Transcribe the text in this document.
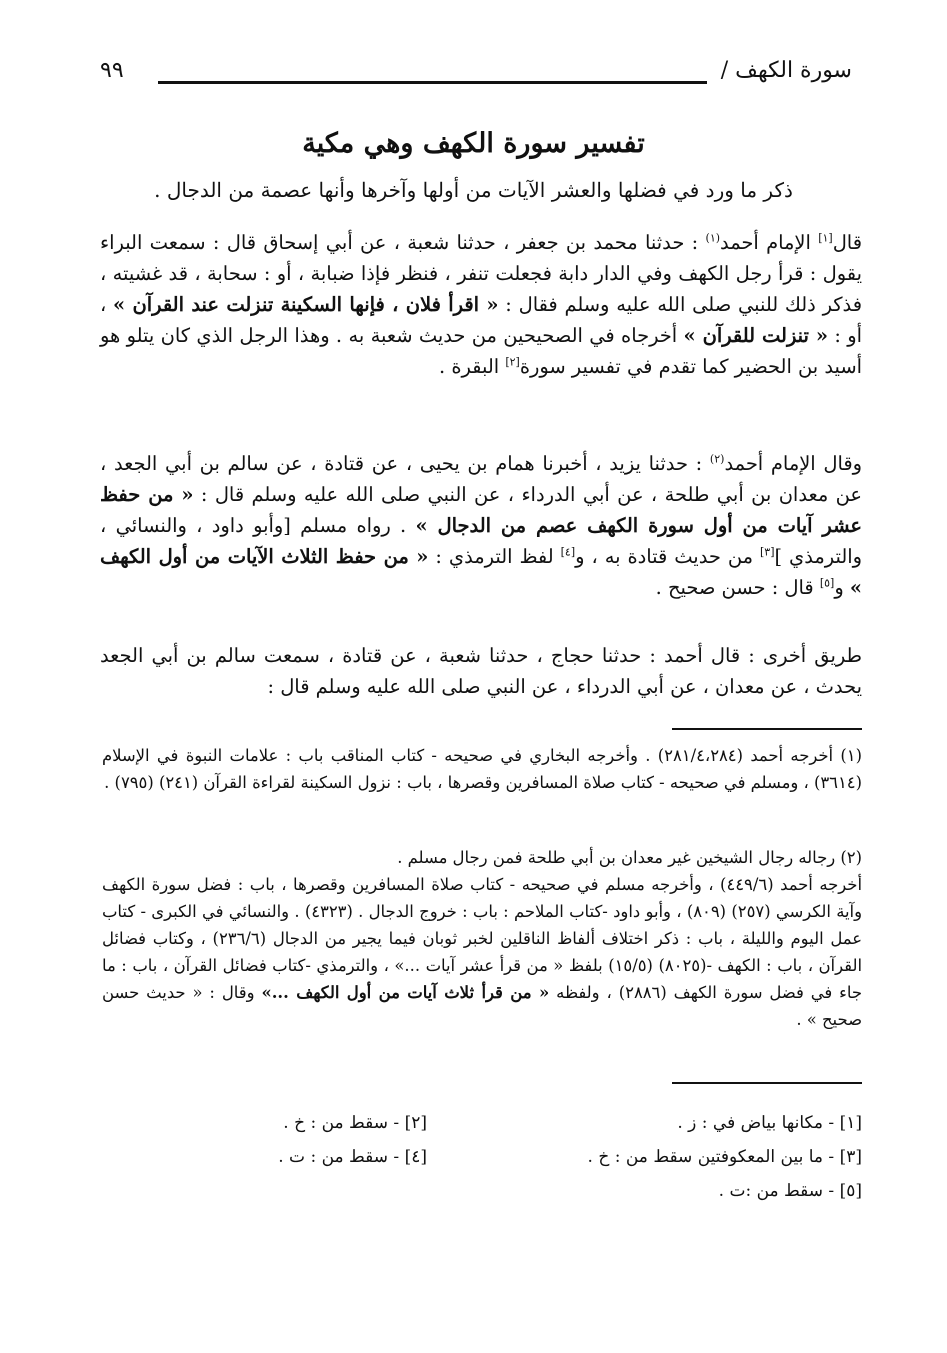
سورة الكهف /
٩٩
تفسير سورة الكهف وهي مكية
ذكر ما ورد في فضلها والعشر الآيات من أولها وآخرها وأنها عصمة من الدجال .

قال[١] الإمام أحمد$^{(١)}$ : حدثنا محمد بن جعفر ، حدثنا شعبة ، عن أبي إسحاق قال : سمعت البراء يقول : قرأ رجل الكهف وفي الدار دابة فجعلت تنفر ، فنظر فإذا ضبابة ، أو : سحابة ، قد غشيته ، فذكر ذلك للنبي صلى الله عليه وسلم فقال : « اقرأ فلان ، فإنها السكينة تنزلت عند القرآن » ، أو : « تنزلت للقرآن » أخرجاه في الصحيحين من حديث شعبة به . وهذا الرجل الذي كان يتلو هو أسيد بن الحضير كما تقدم في تفسير سورة[٢] البقرة .

وقال الإمام أحمد$^{(٢)}$ : حدثنا يزيد ، أخبرنا همام بن يحيى ، عن قتادة ، عن سالم بن أبي الجعد ، عن معدان بن أبي طلحة ، عن أبي الدرداء ، عن النبي صلى الله عليه وسلم قال : « من حفظ عشر آيات من أول سورة الكهف عصم من الدجال » . رواه مسلم [وأبو داود ، والنسائي ، والترمذي ][٣] من حديث قتادة به ، و[٤] لفظ الترمذي : « من حفظ الثلاث الآيات من أول الكهف » و[٥] قال : حسن صحيح .

طريق أخرى : قال أحمد : حدثنا حجاج ، حدثنا شعبة ، عن قتادة ، سمعت سالم بن أبي الجعد يحدث ، عن معدان ، عن أبي الدرداء ، عن النبي صلى الله عليه وسلم قال :

(١) أخرجه أحمد (٢٨١/٤،٢٨٤) . وأخرجه البخاري في صحيحه - كتاب المناقب باب : علامات النبوة في الإسلام (٣٦١٤) ، ومسلم في صحيحه - كتاب صلاة المسافرين وقصرها ، باب : نزول السكينة لقراءة القرآن (٢٤١) (٧٩٥) .
(٢) رجاله رجال الشيخين غير معدان بن أبي طلحة فمن رجال مسلم .
أخرجه أحمد (٤٤٩/٦) ، وأخرجه مسلم في صحيحه - كتاب صلاة المسافرين وقصرها ، باب : فضل سورة الكهف وآية الكرسي (٢٥٧) (٨٠٩) ، وأبو داود -كتاب الملاحم : باب : خروج الدجال . (٤٣٢٣) . والنسائي في الكبرى - كتاب عمل اليوم والليلة ، باب : ذكر اختلاف ألفاظ الناقلين لخبر ثوبان فيما يجير من الدجال (٢٣٦/٦) ، وكتاب فضائل القرآن ، باب : الكهف -(٨٠٢٥) (١٥/٥) بلفظ « من قرأ عشر آيات ...» ، والترمذي -كتاب فضائل القرآن ، باب : ما جاء في فضل سورة الكهف (٢٨٨٦) ، ولفظه « من قرأ ثلاث آيات من أول الكهف ...» وقال : « حديث حسن صحيح » .
[١] - مكانها بياض في : ز .
[٢] - سقط من : خ .
[٣] - ما بين المعكوفتين سقط من : خ .
[٤] - سقط من : ت .
[٥] - سقط من :ت .
